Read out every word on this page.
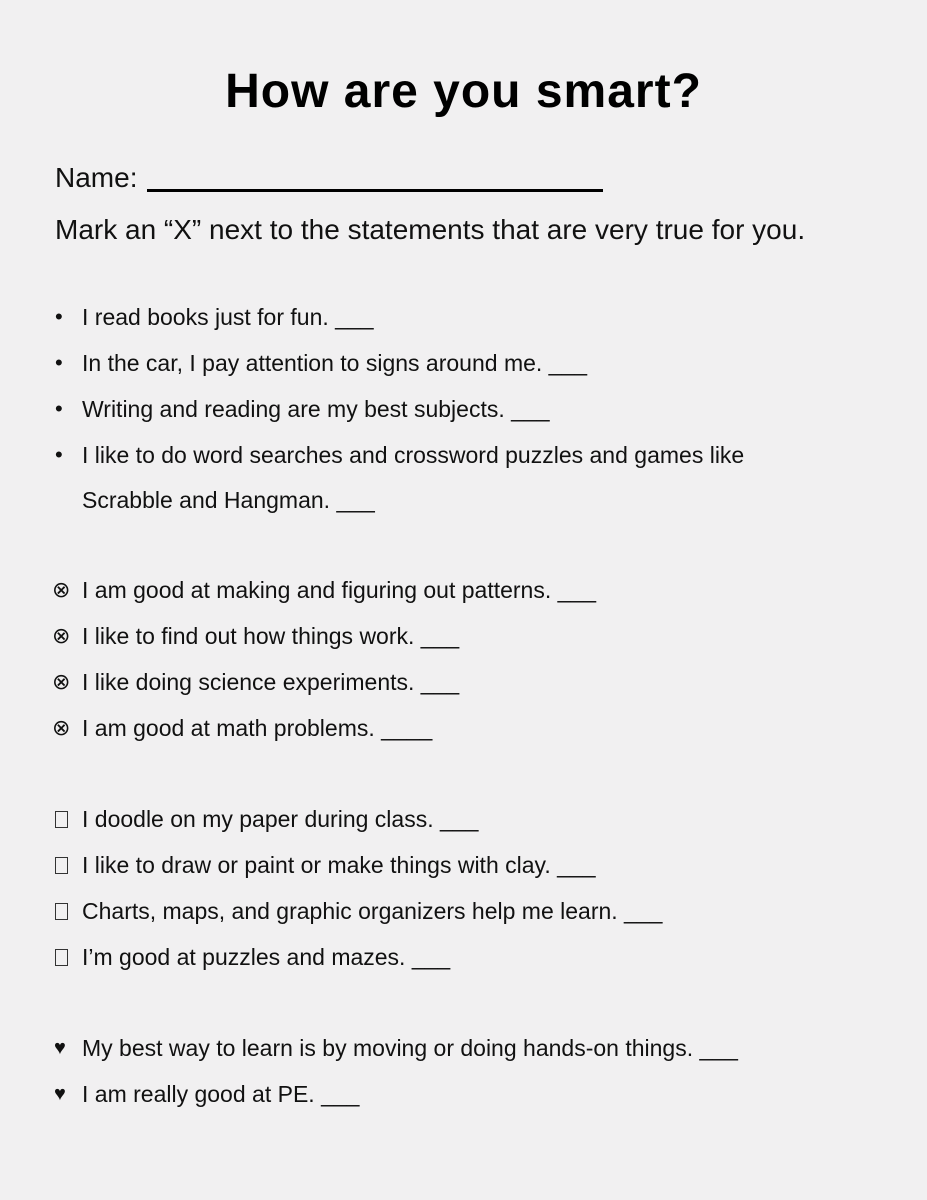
How are you smart?
Name:
Mark an “X” next to the statements that are very true for you.
• I read books just for fun. ___
• In the car, I pay attention to signs around me. ___
• Writing and reading are my best subjects. ___
• I like to do word searches and crossword puzzles and games like
Scrabble and Hangman. ___
⊗ I am good at making and figuring out patterns. ___
⊗ I like to find out how things work. ___
⊗ I like doing science experiments. ___
⊗ I am good at math problems. ____
I doodle on my paper during class. ___
I like to draw or paint or make things with clay. ___
Charts, maps, and graphic organizers help me learn. ___
I’m good at puzzles and mazes. ___
♥ My best way to learn is by moving or doing hands-on things. ___
♥ I am really good at PE. ___
